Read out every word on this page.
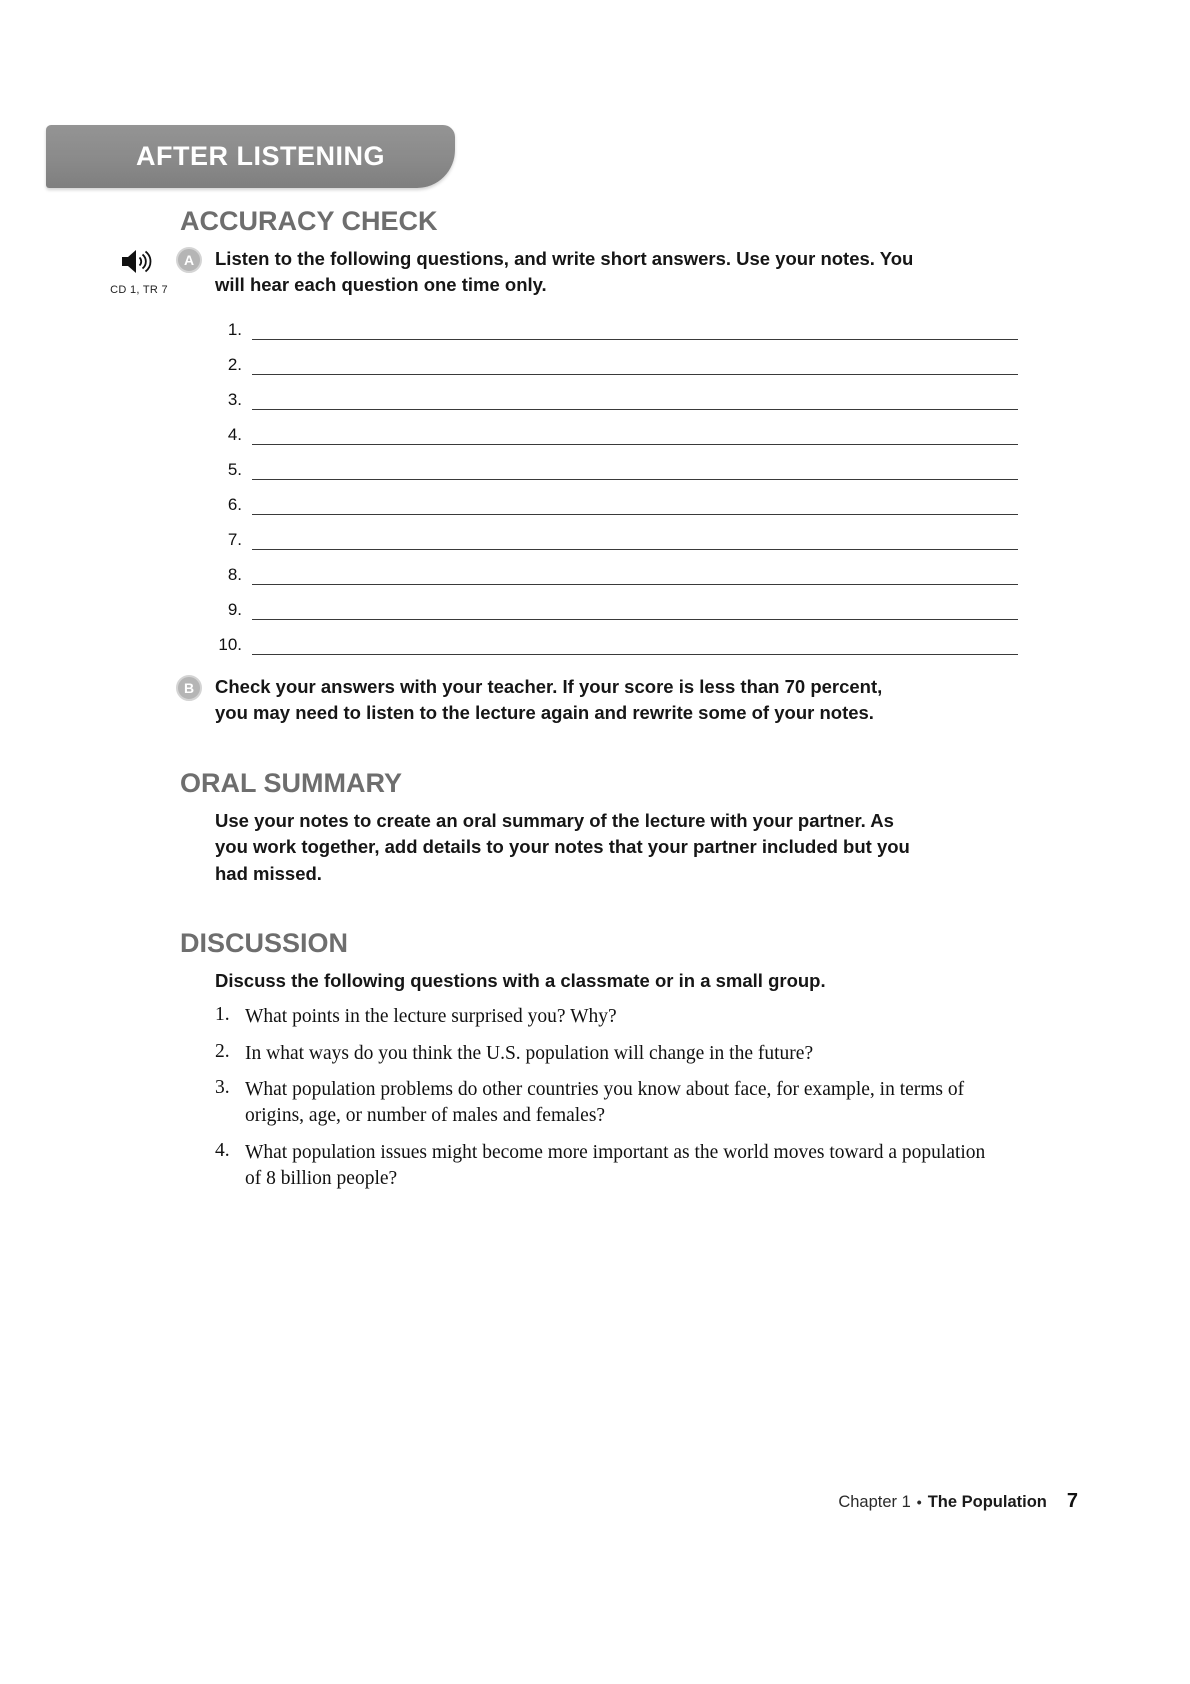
AFTER LISTENING
ACCURACY CHECK
CD 1, TR 7
A	Listen to the following questions, and write short answers. Use your notes. You will hear each question one time only.
1.
2.
3.
4.
5.
6.
7.
8.
9.
10.
B	Check your answers with your teacher. If your score is less than 70 percent, you may need to listen to the lecture again and rewrite some of your notes.
ORAL SUMMARY
Use your notes to create an oral summary of the lecture with your partner. As you work together, add details to your notes that your partner included but you had missed.
DISCUSSION
Discuss the following questions with a classmate or in a small group.
1. What points in the lecture surprised you? Why?
2. In what ways do you think the U.S. population will change in the future?
3. What population problems do other countries you know about face, for example, in terms of origins, age, or number of males and females?
4. What population issues might become more important as the world moves toward a population of 8 billion people?
Chapter 1 • The Population 7
